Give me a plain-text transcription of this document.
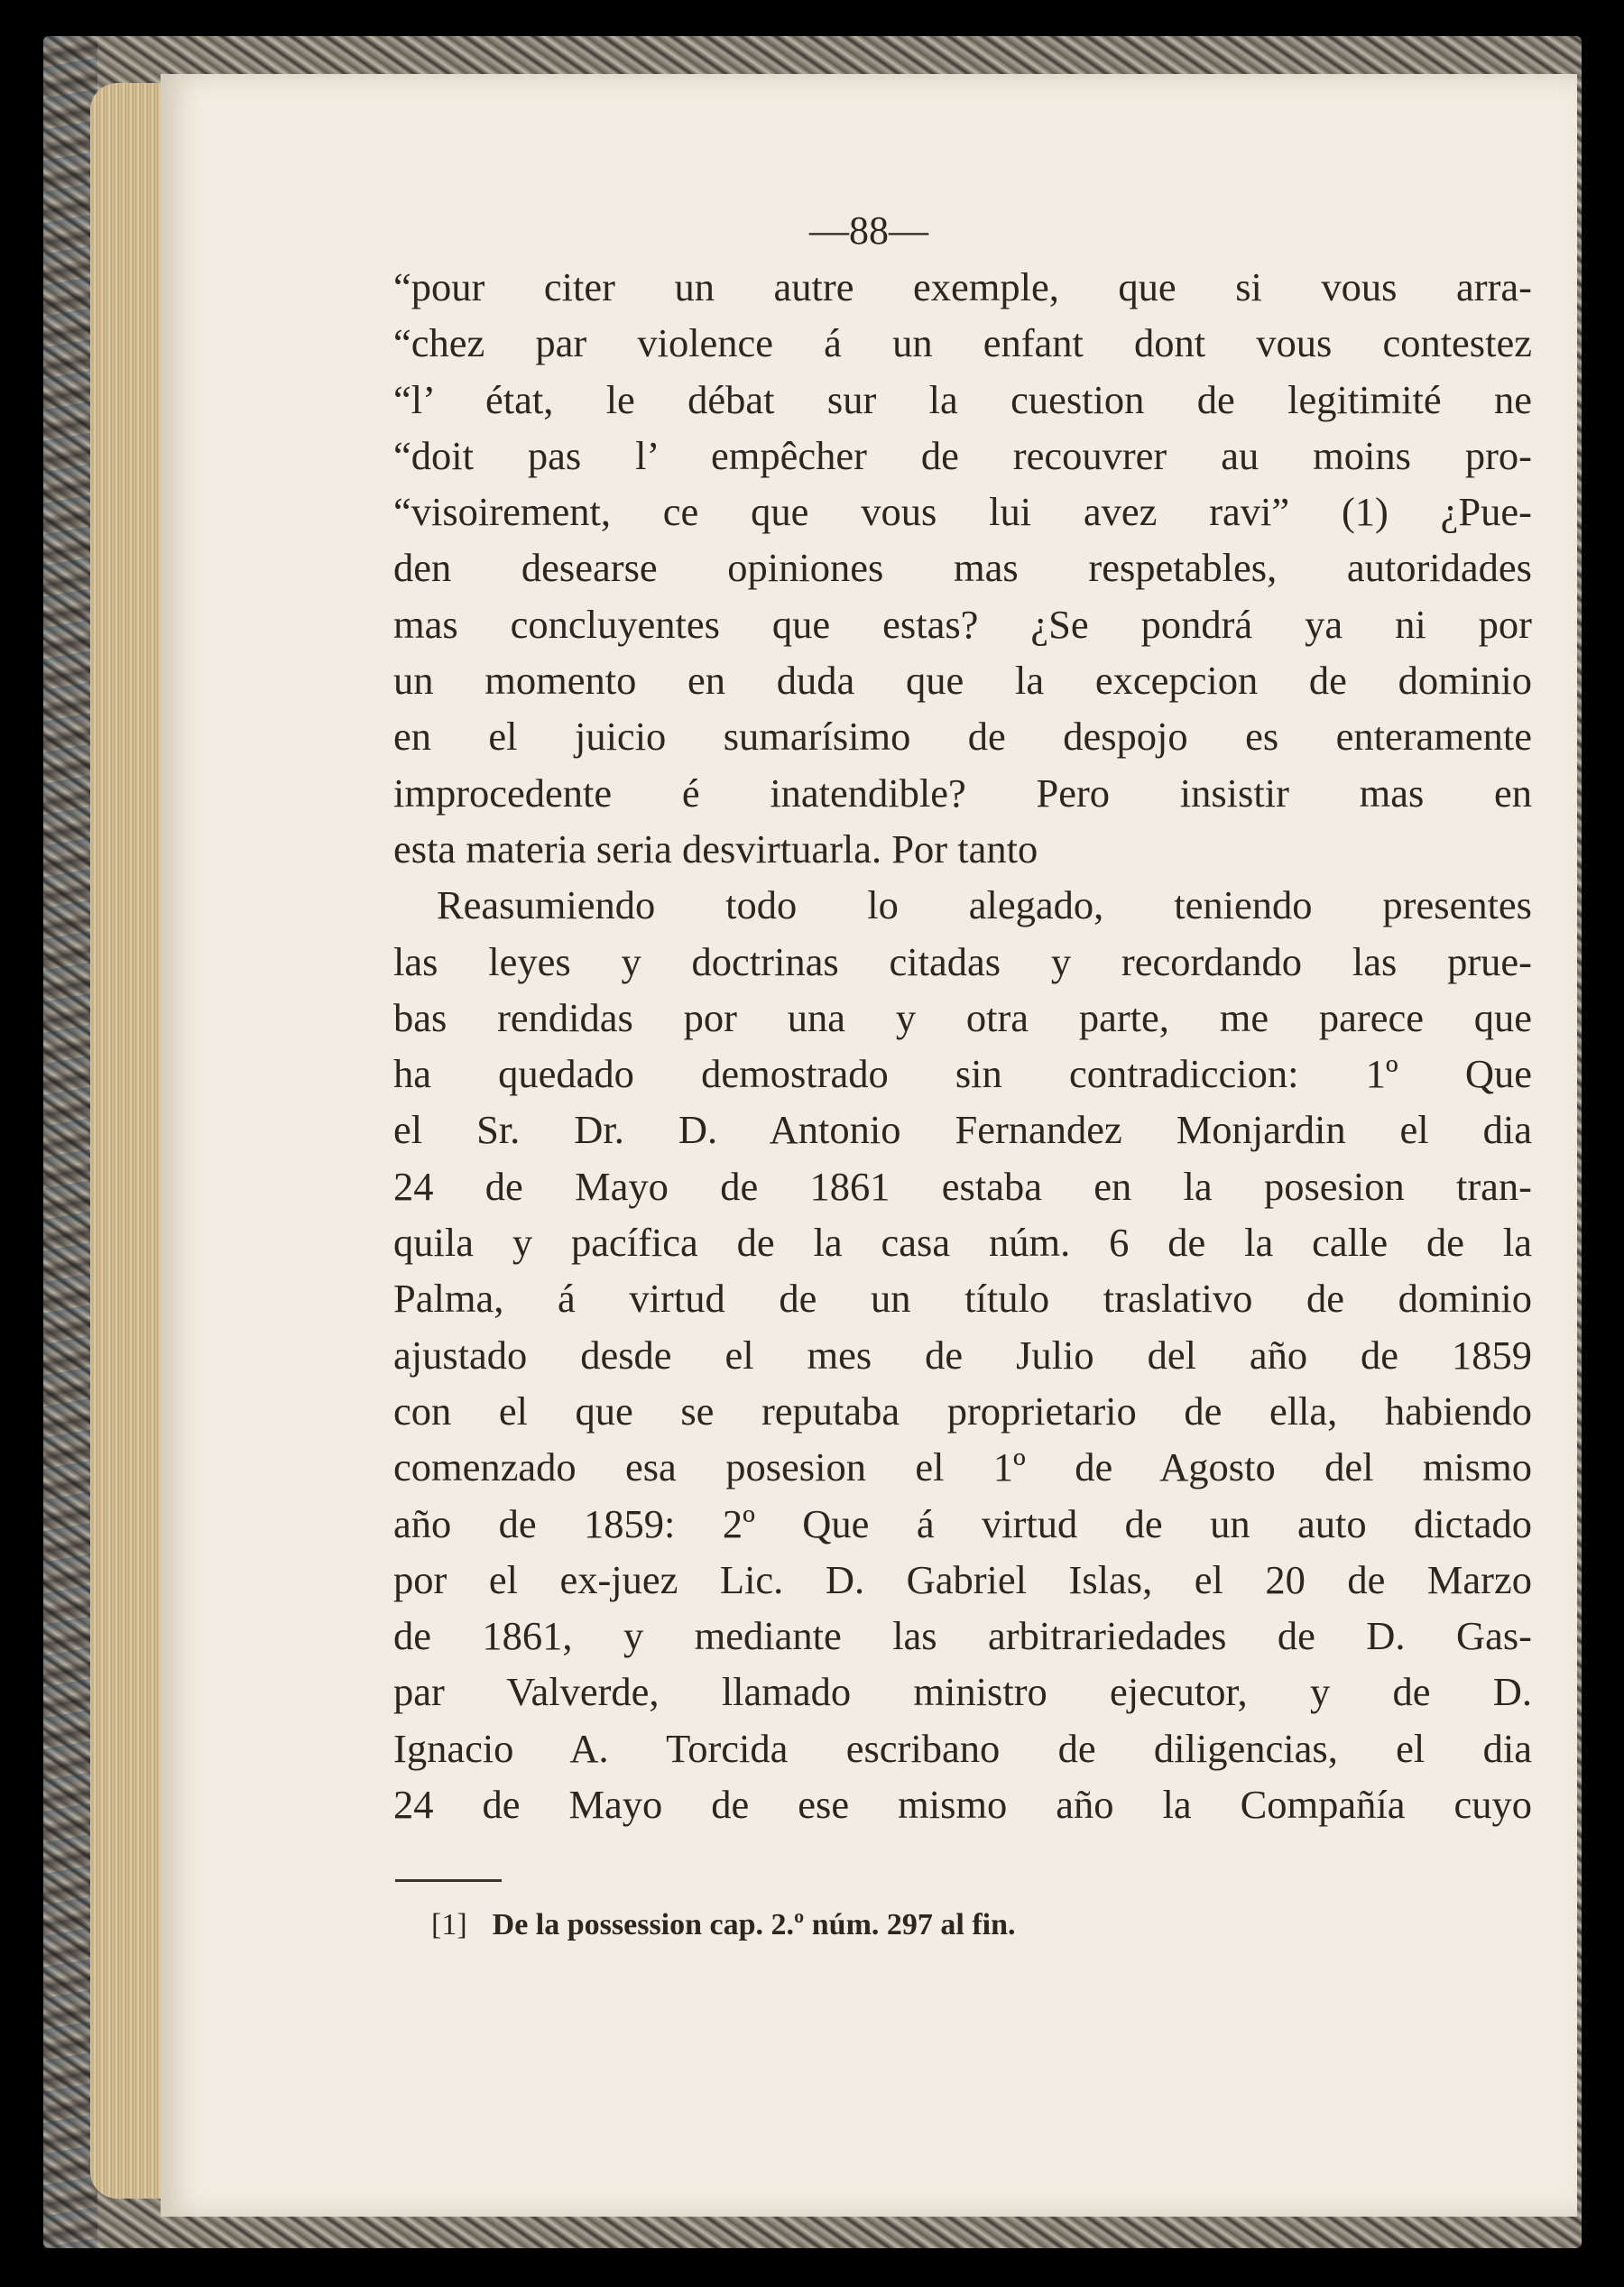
—88—
“pour citer un autre exemple, que si vous arra-
“chez par violence á un enfant dont vous contestez
“l’ état, le débat sur la cuestion de legitimité ne
“doit pas l’ empêcher de recouvrer au moins pro-
“visoirement, ce que vous lui avez ravi” (1) ¿Pue-
den desearse opiniones mas respetables, autoridades
mas concluyentes que estas? ¿Se pondrá ya ni por
un momento en duda que la excepcion de dominio
en el juicio sumarísimo de despojo es enteramente
improcedente é inatendible? Pero insistir mas en
esta materia seria desvirtuarla. Por tanto
Reasumiendo todo lo alegado, teniendo presentes
las leyes y doctrinas citadas y recordando las prue-
bas rendidas por una y otra parte, me parece que
ha quedado demostrado sin contradiccion: 1º Que
el Sr. Dr. D. Antonio Fernandez Monjardin el dia
24 de Mayo de 1861 estaba en la posesion tran-
quila y pacífica de la casa núm. 6 de la calle de la
Palma, á virtud de un título traslativo de dominio
ajustado desde el mes de Julio del año de 1859
con el que se reputaba proprietario de ella, habiendo
comenzado esa posesion el 1º de Agosto del mismo
año de 1859: 2º Que á virtud de un auto dictado
por el ex-juez Lic. D. Gabriel Islas, el 20 de Marzo
de 1861, y mediante las arbitrariedades de D. Gas-
par Valverde, llamado ministro ejecutor, y de D.
Ignacio A. Torcida escribano de diligencias, el dia
24 de Mayo de ese mismo año la Compañía cuyo
[1] De la possession cap. 2.º núm. 297 al fin.
